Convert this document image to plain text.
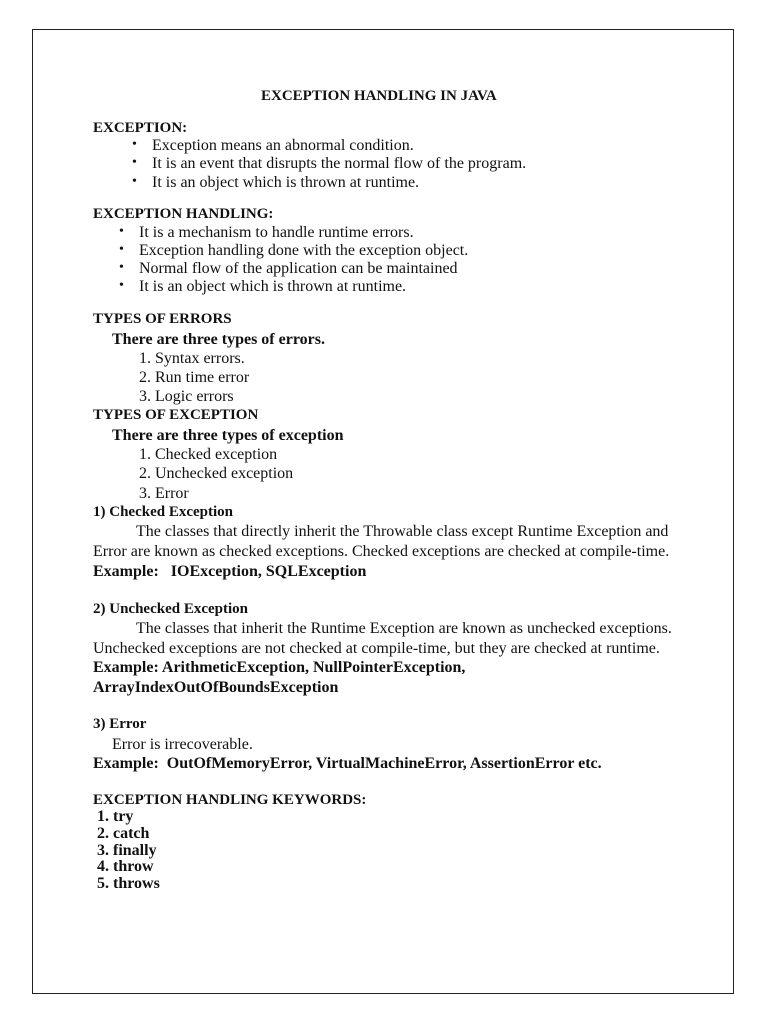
EXCEPTION HANDLING IN JAVA
EXCEPTION:
• Exception means an abnormal condition.
• It is an event that disrupts the normal flow of the program.
• It is an object which is thrown at runtime.
EXCEPTION HANDLING:
• It is a mechanism to handle runtime errors.
• Exception handling done with the exception object.
• Normal flow of the application can be maintained
• It is an object which is thrown at runtime.
TYPES OF ERRORS
There are three types of errors.
1. Syntax errors.
2. Run time error
3. Logic errors
TYPES OF EXCEPTION
There are three types of exception
1. Checked exception
2. Unchecked exception
3. Error
1) Checked Exception
The classes that directly inherit the Throwable class except Runtime Exception and
Error are known as checked exceptions. Checked exceptions are checked at compile-time.
Example:   IOException, SQLException
2) Unchecked Exception
The classes that inherit the Runtime Exception are known as unchecked exceptions.
Unchecked exceptions are not checked at compile-time, but they are checked at runtime.
Example: ArithmeticException, NullPointerException,
ArrayIndexOutOfBoundsException
3) Error
Error is irrecoverable.
Example:  OutOfMemoryError, VirtualMachineError, AssertionError etc.
EXCEPTION HANDLING KEYWORDS:
1. try
2. catch
3. finally
4. throw
5. throws
